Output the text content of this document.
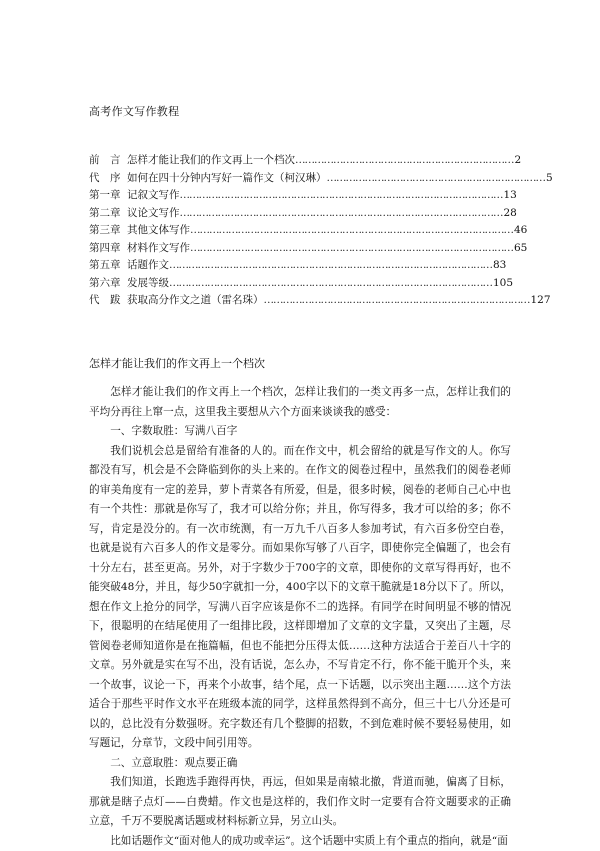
高考作文写作教程
前　言 怎样才能让我们的作文再上一个档次 …………………………………………………………… 2
代　序 如何在四十分钟内写好一篇作文（柯汉琳） …………………………………………………………… 5
第一章 记叙文写作 ………………………………………………………………………………………… 13
第二章 议论文写作 ………………………………………………………………………………………… 28
第三章 其他文体写作 ………………………………………………………………………………………… 46
第四章 材料作文写作 ………………………………………………………………………………………… 65
第五章 话题作文 ………………………………………………………………………………………… 83
第六章 发展等级 ………………………………………………………………………………………… 105
代　跋 获取高分作文之道（雷名珠） ………………………………………………………………………… 127
怎样才能让我们的作文再上一个档次

怎样才能让我们的作文再上一个档次，怎样让我们的一类文再多一点，怎样让我们的平均分再往上窜一点，这里我主要想从六个方面来谈谈我的感受：

一、字数取胜：写满八百字

我们说机会总是留给有准备的人的。而在作文中，机会留给的就是写作文的人。你写都没有写，机会是不会降临到你的头上来的。在作文的阅卷过程中，虽然我们的阅卷老师的审美角度有一定的差异，萝卜青菜各有所爱，但是，很多时候，阅卷的老师自己心中也有一个共性：那就是你写了，我才可以给分你；并且，你写得多，我才可以给的多；你不写，肯定是没分的。有一次市统测，有一万九千八百多人参加考试，有六百多份空白卷，也就是说有六百多人的作文是零分。而如果你写够了八百字，即使你完全偏题了，也会有十分左右，甚至更高。另外，对于字数少于700字的文章，即使你的文章写得再好，也不能突破48分，并且，每少50字就扣一分，400字以下的文章干脆就是18分以下了。所以，想在作文上抢分的同学，写满八百字应该是你不二的选择。有同学在时间明显不够的情况下，很聪明的在结尾使用了一组排比段，这样即增加了文章的文字量，又突出了主题，尽管阅卷老师知道你是在拖篇幅，但也不能把分压得太低……这种方法适合于差百八十字的文章。另外就是实在写不出，没有话说，怎么办，不写肯定不行，你不能干脆开个头，来一个故事，议论一下，再来个小故事，结个尾，点一下话题，以示突出主题……这个方法适合于那些平时作文水平在班级本流的同学，这样虽然得到不高分，但三十七八分还是可以的，总比没有分数强呀。充字数还有几个整脚的招数，不到危难时候不要轻易使用，如写题记，分章节，文段中间引用等。

二、立意取胜：观点要正确

我们知道，长跑选手跑得再快，再远，但如果是南辕北撤，背道而驰，偏离了目标，那就是瞎子点灯——白费蜡。作文也是这样的，我们作文时一定要有合符文题要求的正确立意，千万不要脱离话题或材料标新立异，另立山头。

比如话题作文“面对他人的成功或幸运”。这个话题中实质上有个重点的指向，就是“面
